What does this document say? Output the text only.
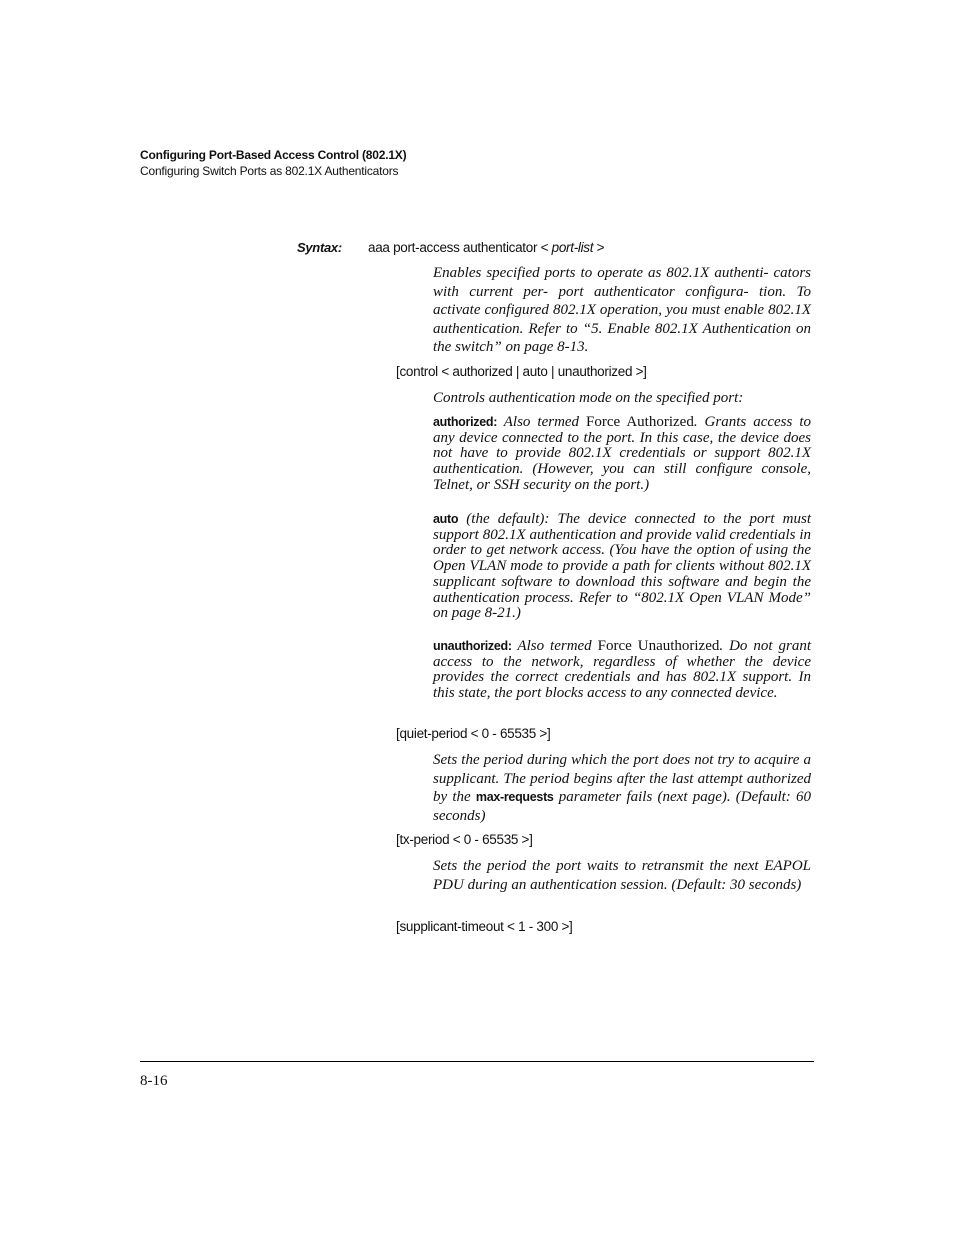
Configuring Port-Based Access Control (802.1X)
Configuring Switch Ports as 802.1X Authenticators
Syntax: aaa port-access authenticator < port-list >
Enables specified ports to operate as 802.1X authenti- cators with current per- port authenticator configura- tion. To activate configured 802.1X operation, you must enable 802.1X authentication. Refer to “5. Enable 802.1X Authentication on the switch” on page 8-13.
[control < authorized | auto | unauthorized >]
Controls authentication mode on the specified port:
authorized: Also termed Force Authorized. Grants access to any device connected to the port. In this case, the device does not have to provide 802.1X credentials or support 802.1X authentication. (However, you can still configure console, Telnet, or SSH security on the port.)
auto (the default): The device connected to the port must support 802.1X authentication and provide valid credentials in order to get network access. (You have the option of using the Open VLAN mode to provide a path for clients without 802.1X supplicant software to download this software and begin the authentication process. Refer to “802.1X Open VLAN Mode” on page 8-21.)
unauthorized: Also termed Force Unauthorized. Do not grant access to the network, regardless of whether the device provides the correct credentials and has 802.1X support. In this state, the port blocks access to any connected device.
[quiet-period < 0 - 65535 >]
Sets the period during which the port does not try to acquire a supplicant. The period begins after the last attempt authorized by the max-requests parameter fails (next page). (Default: 60 seconds)
[tx-period < 0 - 65535 >]
Sets the period the port waits to retransmit the next EAPOL PDU during an authentication session. (Default: 30 seconds)
[supplicant-timeout < 1 - 300 >]
8-16
